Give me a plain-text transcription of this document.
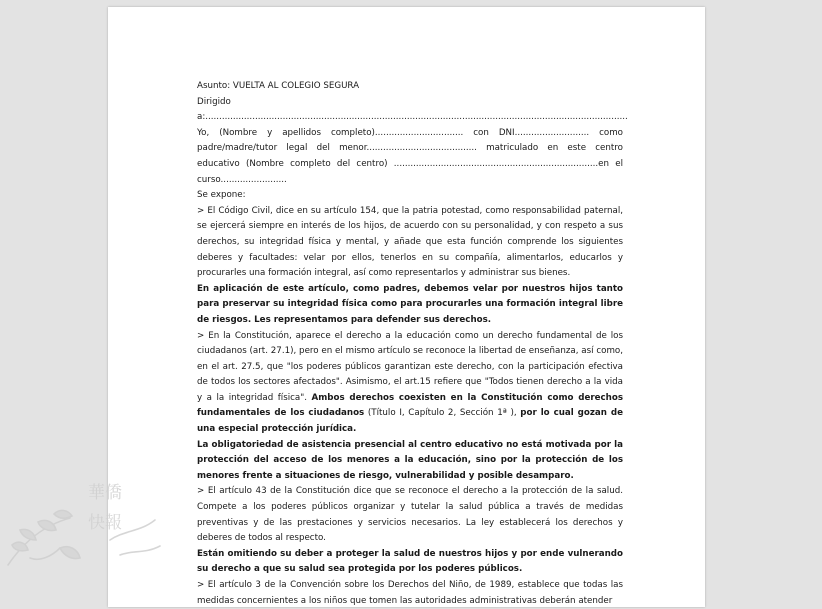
Asunto: VUELTA AL COLEGIO SEGURA

Dirigido a:.........................................................................................................................................................

Yo, (Nombre y apellidos completo)................................ con DNI........................... como padre/madre/tutor legal del menor........................................ matriculado en este centro educativo (Nombre completo del centro) ..........................................................................en el curso........................

Se expone:

> El Código Civil, dice en su artículo 154, que la patria potestad, como responsabilidad paternal, se ejercerá siempre en interés de los hijos, de acuerdo con su personalidad, y con respeto a sus derechos, su integridad física y mental, y añade que esta función comprende los siguientes deberes y facultades: velar por ellos, tenerlos en su compañía, alimentarlos, educarlos y procurarles una formación integral, así como representarlos y administrar sus bienes.

En aplicación de este artículo, como padres, debemos velar por nuestros hijos tanto para preservar su integridad física como para procurarles una formación integral libre de riesgos. Les representamos para defender sus derechos.

> En la Constitución, aparece el derecho a la educación como un derecho fundamental de los ciudadanos (art. 27.1), pero en el mismo artículo se reconoce la libertad de enseñanza, así como, en el art. 27.5, que "los poderes públicos garantizan este derecho, con la participación efectiva de todos los sectores afectados". Asimismo, el art.15 refiere que "Todos tienen derecho a la vida y a la integridad física". Ambos derechos coexisten en la Constitución como derechos fundamentales de los ciudadanos (Título I, Capítulo 2, Sección 1ª ), por lo cual gozan de una especial protección jurídica.

La obligatoriedad de asistencia presencial al centro educativo no está motivada por la protección del acceso de los menores a la educación, sino por la protección de los menores frente a situaciones de riesgo, vulnerabilidad y posible desamparo.

> El artículo 43 de la Constitución dice que se reconoce el derecho a la protección de la salud. Compete a los poderes públicos organizar y tutelar la salud pública a través de medidas preventivas y de las prestaciones y servicios necesarios. La ley establecerá los derechos y deberes de todos al respecto.

Están omitiendo su deber a proteger la salud de nuestros hijos y por ende vulnerando su derecho a que su salud sea protegida por los poderes públicos.

> El artículo 3 de la Convención sobre los Derechos del Niño, de 1989, establece que todas las medidas concernientes a los niños que tomen las autoridades administrativas deberán atender

華僑
快報
